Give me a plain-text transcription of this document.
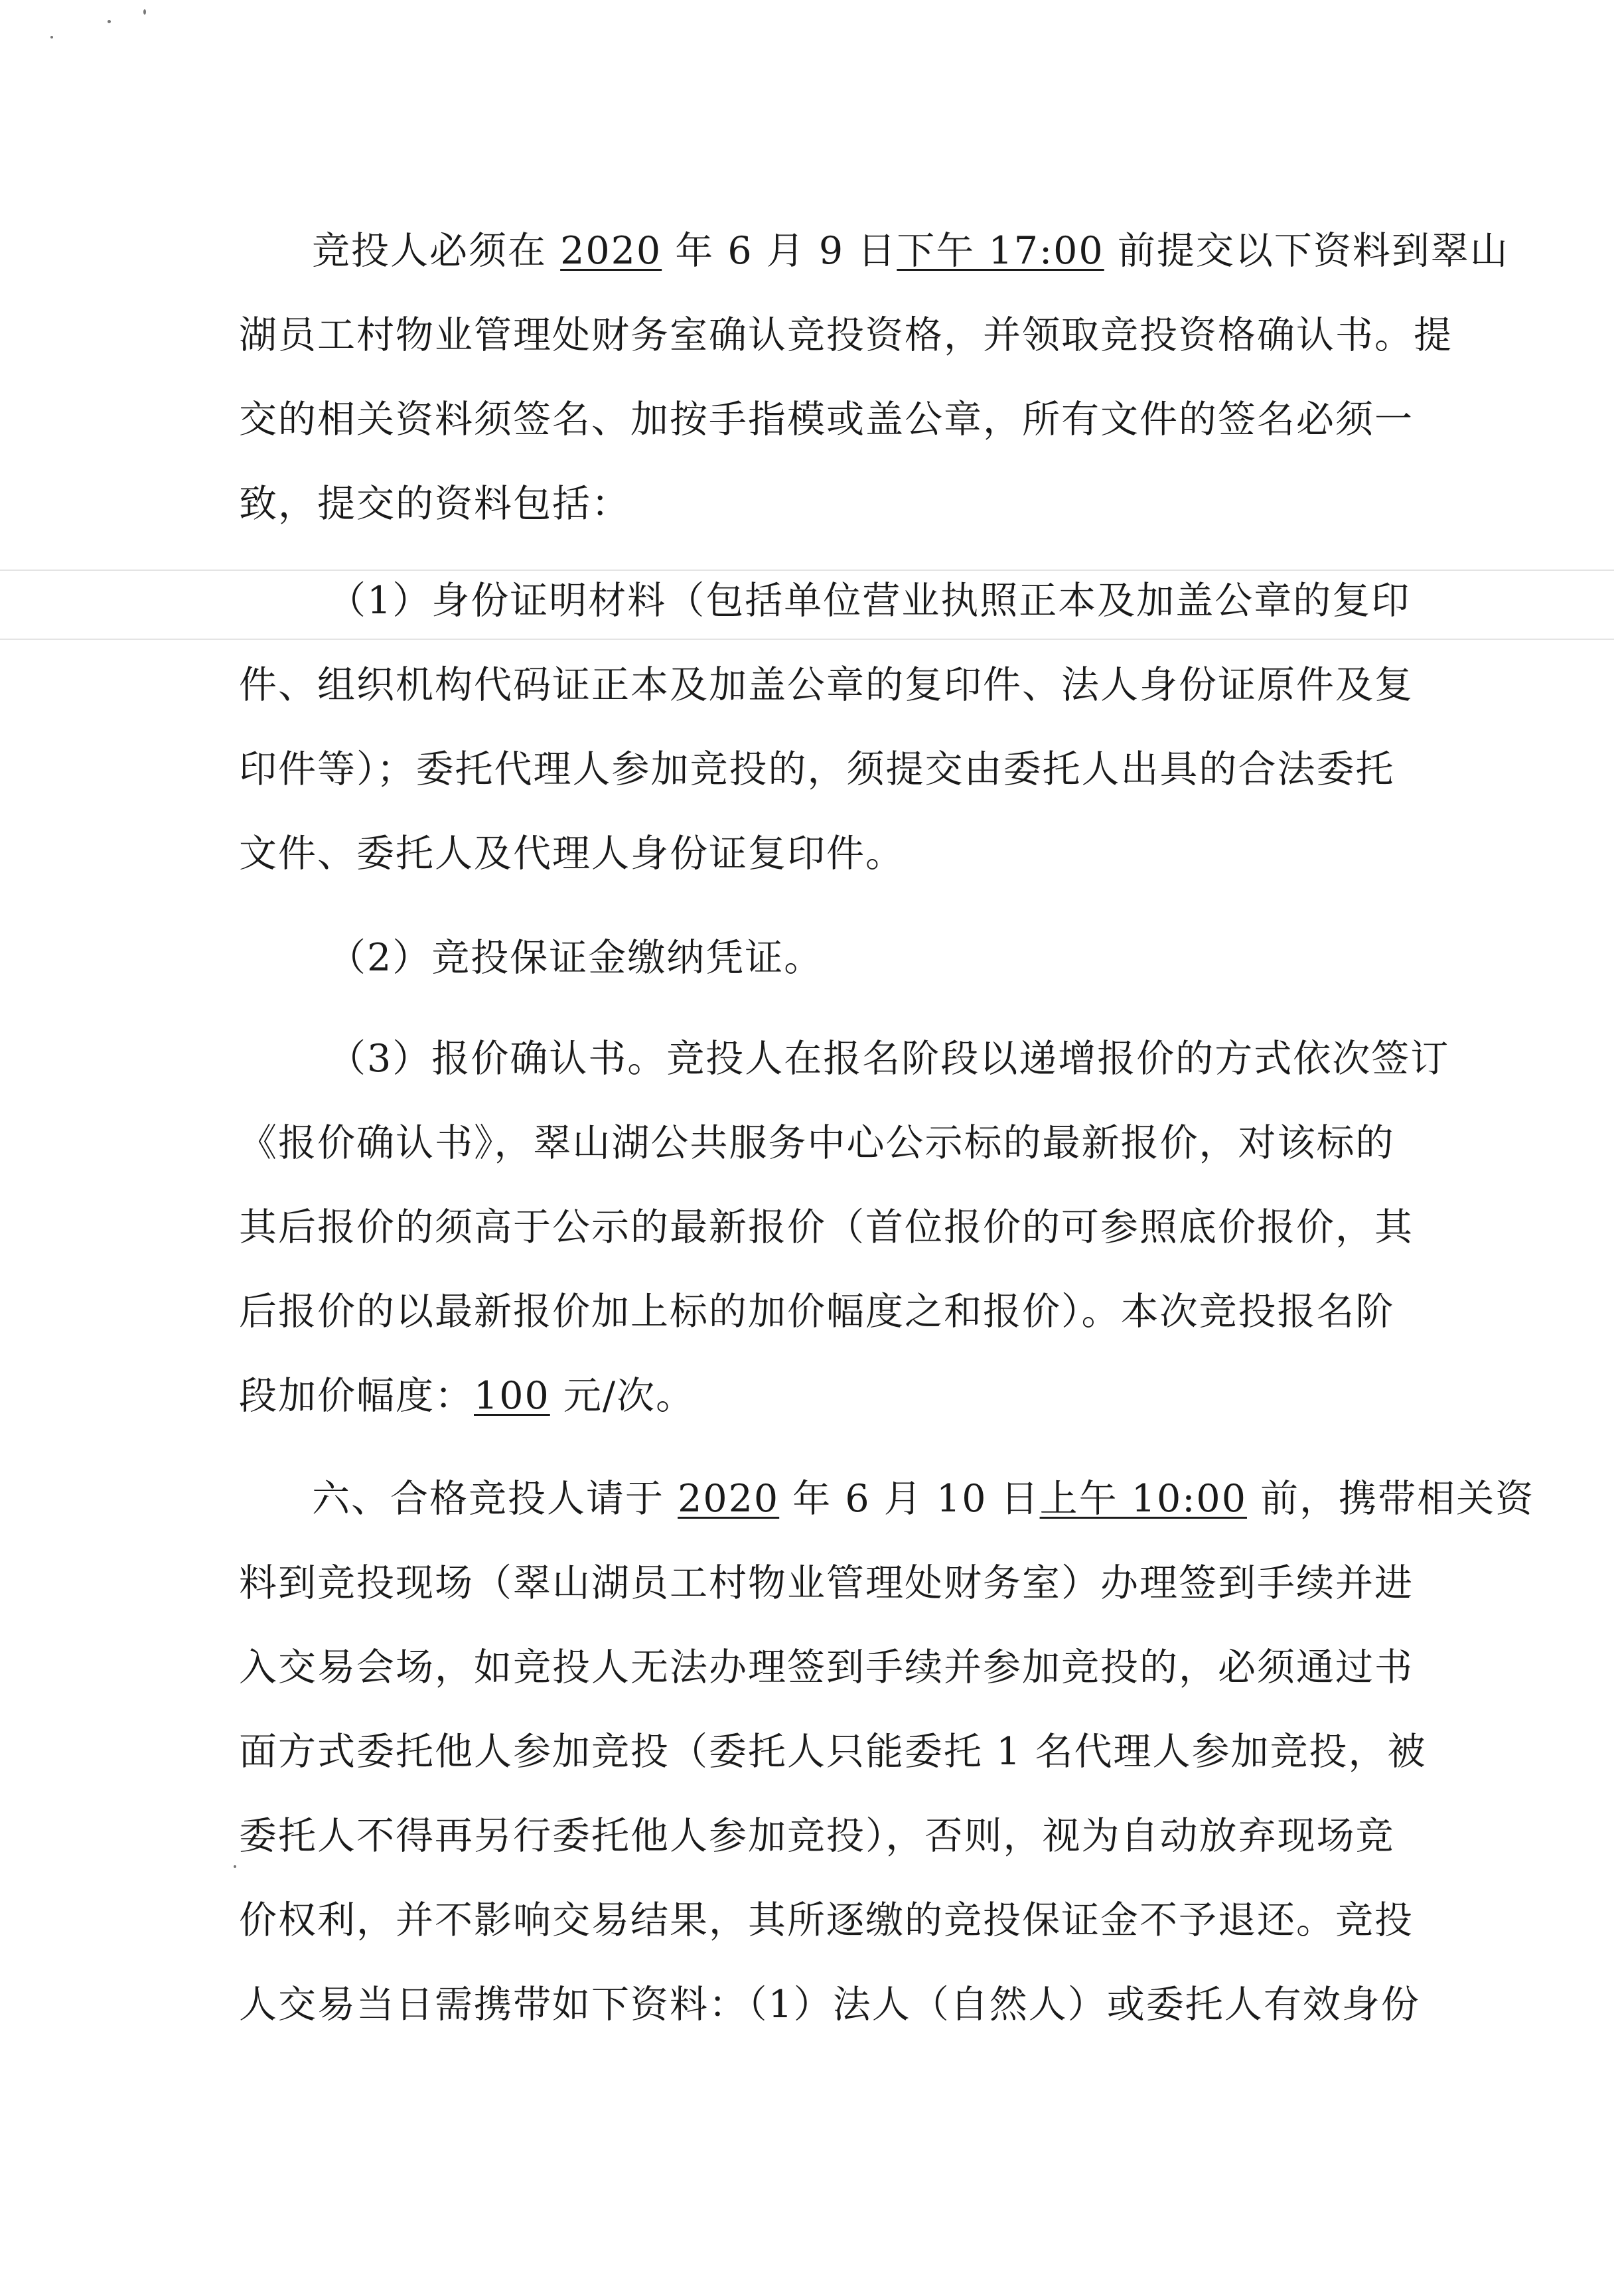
竞投人必须在 2020 年 6 月 9 日下午 17:00 前提交以下资料到翠山
湖员工村物业管理处财务室确认竞投资格，并领取竞投资格确认书。提
交的相关资料须签名、加按手指模或盖公章，所有文件的签名必须一
致，提交的资料包括：
（1）身份证明材料（包括单位营业执照正本及加盖公章的复印
件、组织机构代码证正本及加盖公章的复印件、法人身份证原件及复
印件等）；委托代理人参加竞投的，须提交由委托人出具的合法委托
文件、委托人及代理人身份证复印件。
（2）竞投保证金缴纳凭证。
（3）报价确认书。竞投人在报名阶段以递增报价的方式依次签订
《报价确认书》，翠山湖公共服务中心公示标的最新报价，对该标的
其后报价的须高于公示的最新报价（首位报价的可参照底价报价，其
后报价的以最新报价加上标的加价幅度之和报价）。本次竞投报名阶
段加价幅度：100 元/次。
六、合格竞投人请于 2020 年 6 月 10 日上午 10:00 前，携带相关资
料到竞投现场（翠山湖员工村物业管理处财务室）办理签到手续并进
入交易会场，如竞投人无法办理签到手续并参加竞投的，必须通过书
面方式委托他人参加竞投（委托人只能委托 1 名代理人参加竞投，被
委托人不得再另行委托他人参加竞投），否则，视为自动放弃现场竞
价权利，并不影响交易结果，其所逐缴的竞投保证金不予退还。竞投
人交易当日需携带如下资料：（1）法人（自然人）或委托人有效身份
